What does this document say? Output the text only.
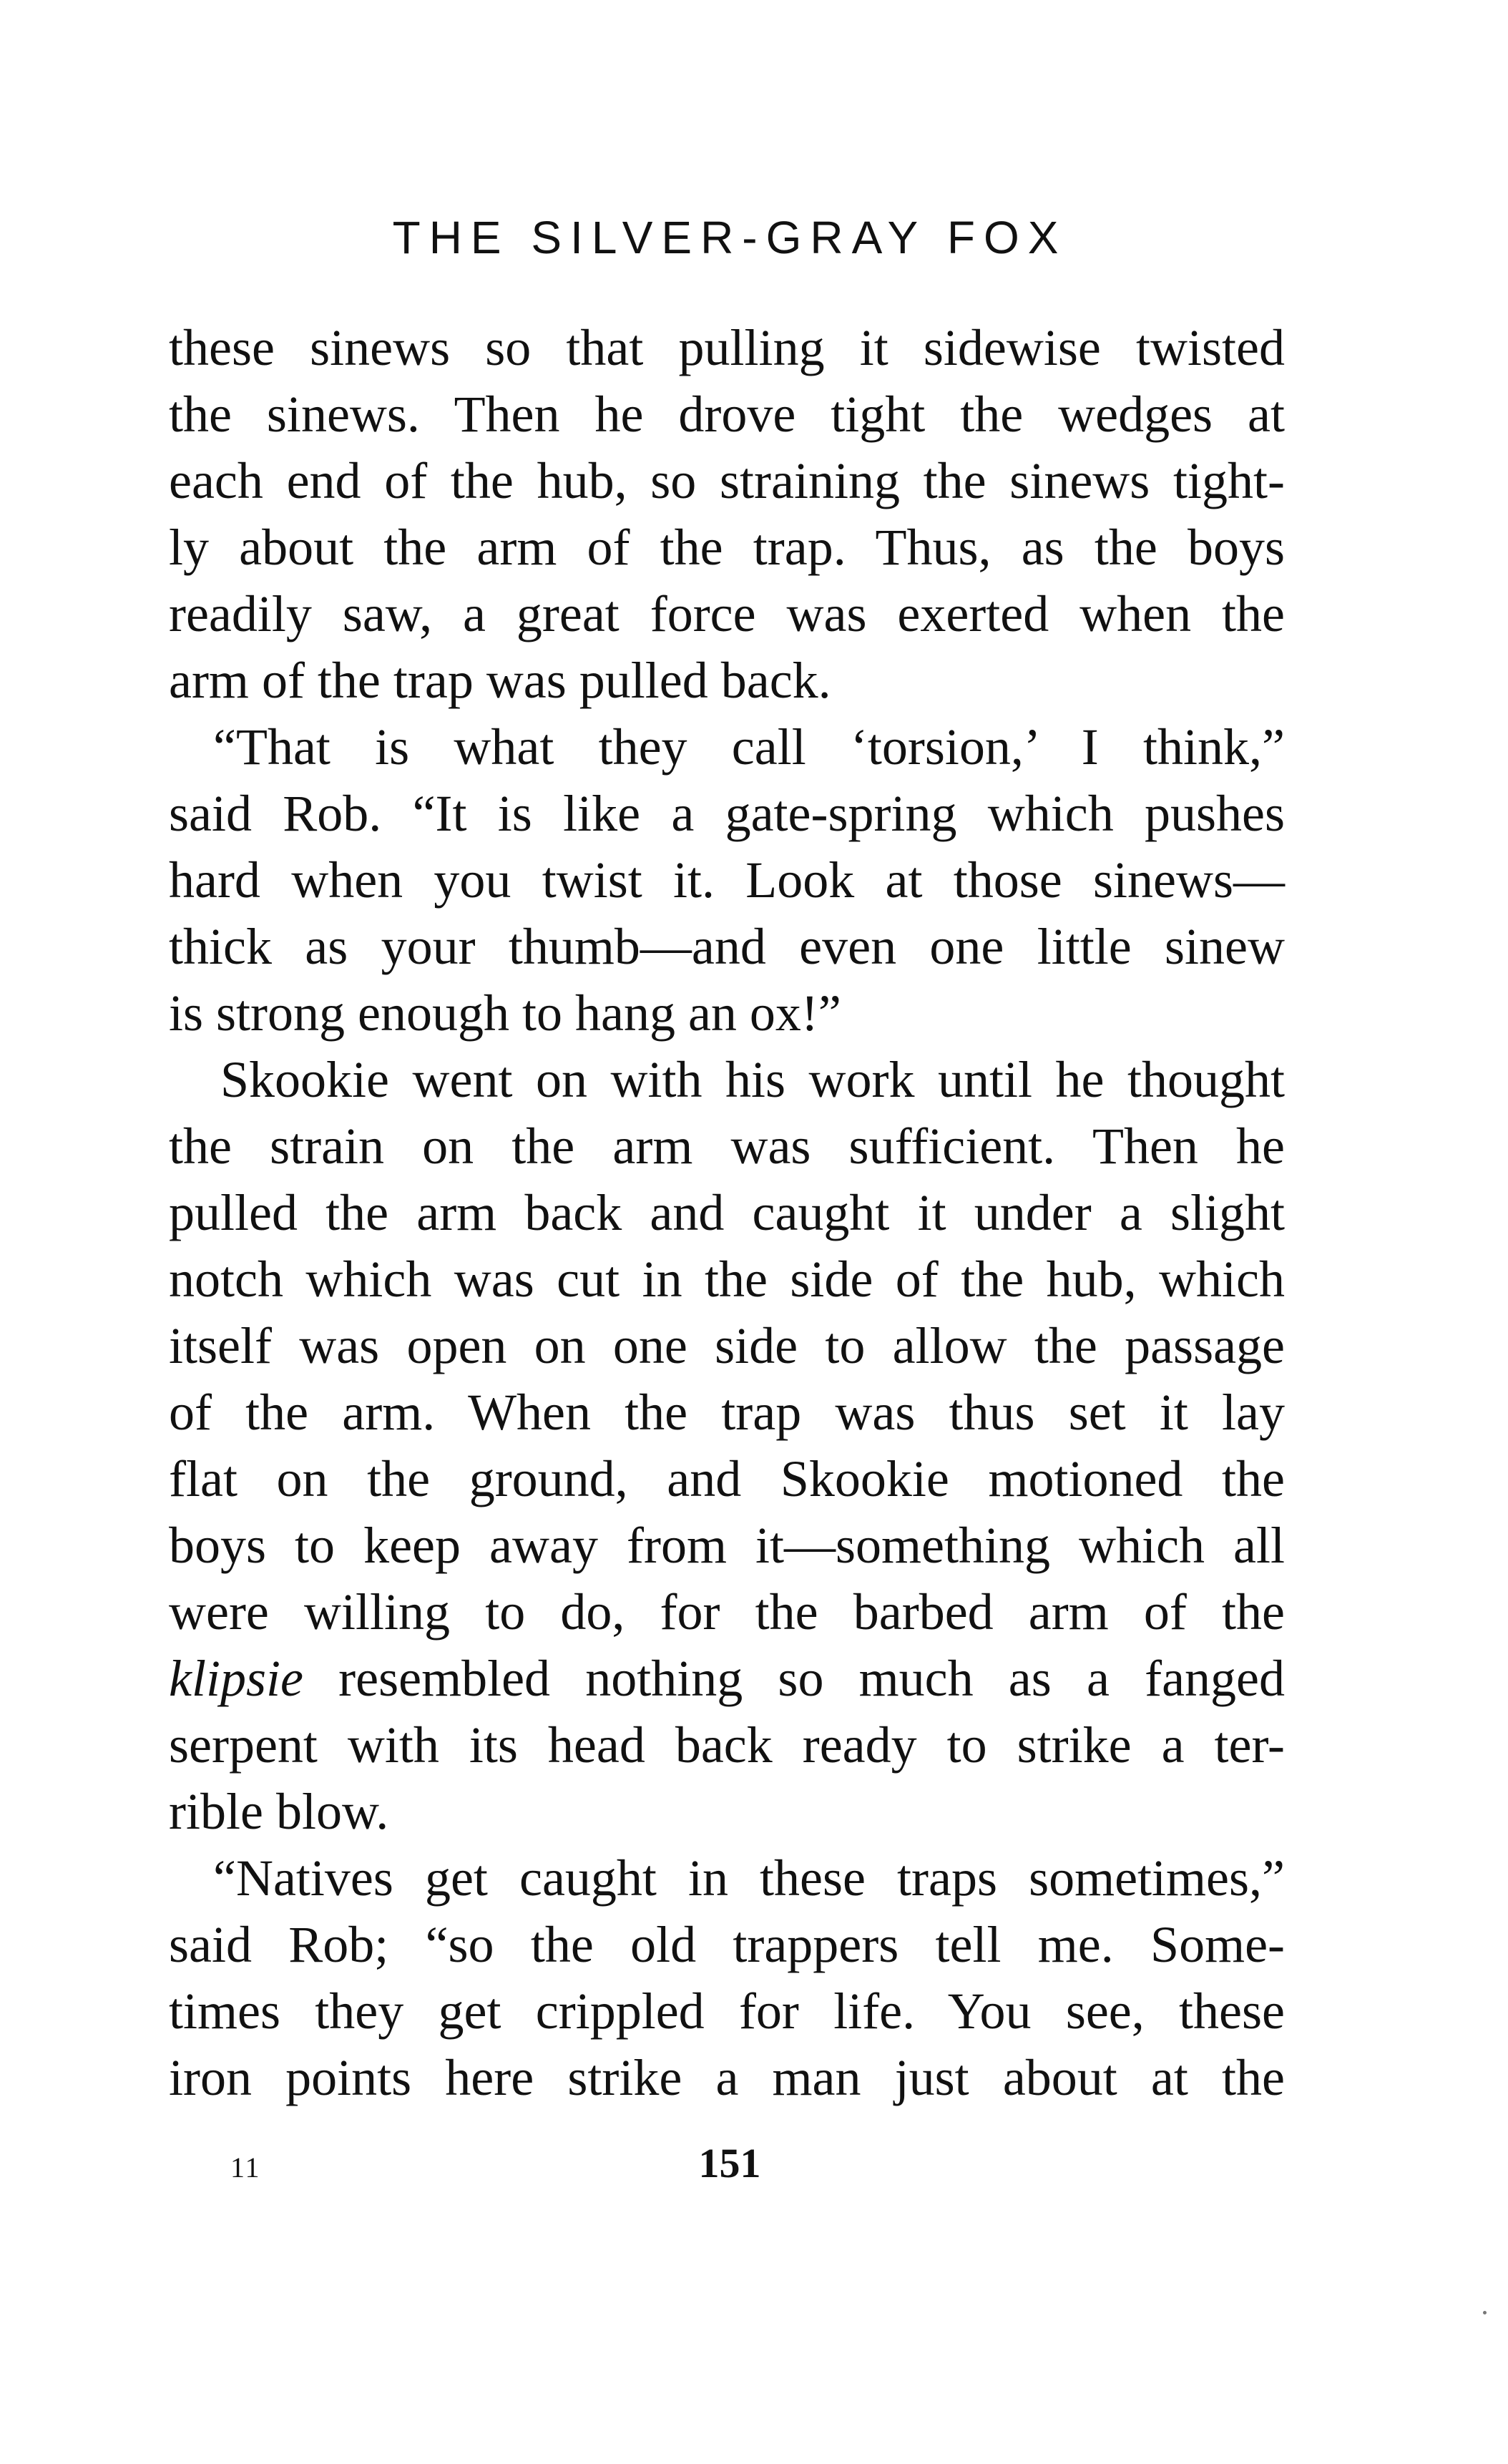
THE SILVER-GRAY FOX
these sinews so that pulling it sidewise twisted
the sinews. Then he drove tight the wedges at
each end of the hub, so straining the sinews tight-
ly about the arm of the trap. Thus, as the boys
readily saw, a great force was exerted when the
arm of the trap was pulled back.
“That is what they call ‘torsion,’ I think,”
said Rob. “It is like a gate-spring which pushes
hard when you twist it. Look at those sinews—
thick as your thumb—and even one little sinew
is strong enough to hang an ox!”
Skookie went on with his work until he thought
the strain on the arm was sufficient. Then he
pulled the arm back and caught it under a slight
notch which was cut in the side of the hub, which
itself was open on one side to allow the passage
of the arm. When the trap was thus set it lay
flat on the ground, and Skookie motioned the
boys to keep away from it—something which all
were willing to do, for the barbed arm of the
klipsie resembled nothing so much as a fanged
serpent with its head back ready to strike a ter-
rible blow.
“Natives get caught in these traps sometimes,”
said Rob; “so the old trappers tell me. Some-
times they get crippled for life. You see, these
iron points here strike a man just about at the
11	151
